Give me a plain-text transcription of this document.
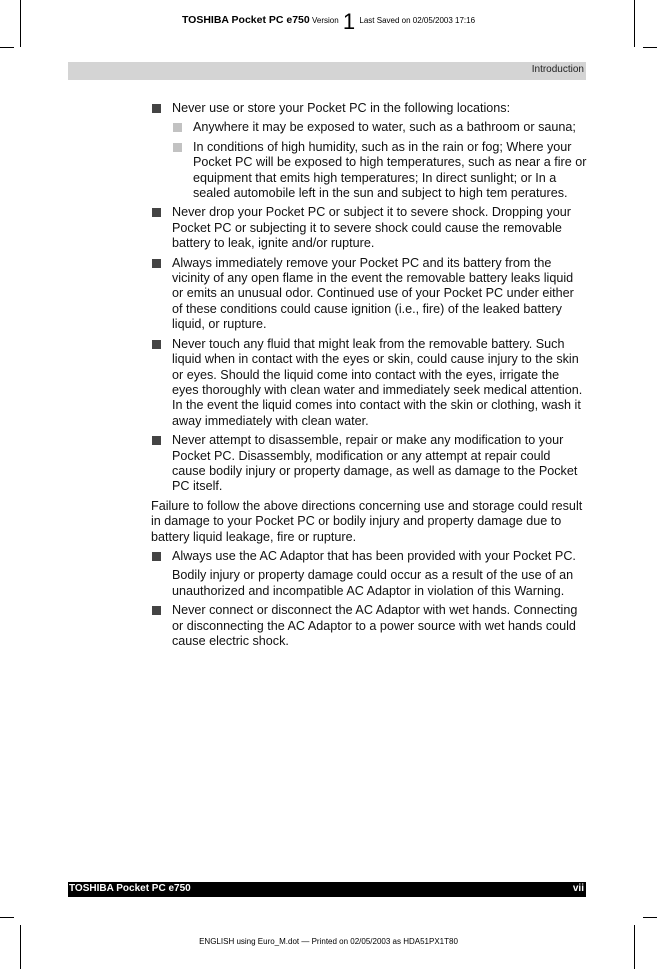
TOSHIBA Pocket PC e750 Version 1 Last Saved on 02/05/2003 17:16
Introduction
Never use or store your Pocket PC in the following locations:
Anywhere it may be exposed to water, such as a bathroom or sauna;
In conditions of high humidity, such as in the rain or fog; Where your Pocket PC will be exposed to high temperatures, such as near a fire or equipment that emits high temperatures; In direct sunlight; or In a sealed automobile left in the sun and subject to high tem peratures.
Never drop your Pocket PC or subject it to severe shock. Dropping your Pocket PC or subjecting it to severe shock could cause the removable battery to leak, ignite and/or rupture.
Always immediately remove your Pocket PC and its battery from the vicinity of any open flame in the event the removable battery leaks liquid or emits an unusual odor. Continued use of your Pocket PC under either of these conditions could cause ignition (i.e., fire) of the leaked battery liquid, or rupture.
Never touch any fluid that might leak from the removable battery. Such liquid when in contact with the eyes or skin, could cause injury to the skin or eyes. Should the liquid come into contact with the eyes, irrigate the eyes thoroughly with clean water and immediately seek medical attention. In the event the liquid comes into contact with the skin or clothing, wash it away immediately with clean water.
Never attempt to disassemble, repair or make any modification to your Pocket PC. Disassembly, modification or any attempt at repair could cause bodily injury or property damage, as well as damage to the Pocket PC itself.
Failure to follow the above directions concerning use and storage could result in damage to your Pocket PC or bodily injury and property damage due to battery liquid leakage, fire or rupture.
Always use the AC Adaptor that has been provided with your Pocket PC.
Bodily injury or property damage could occur as a result of the use of an unauthorized and incompatible AC Adaptor in violation of this Warning.
Never connect or disconnect the AC Adaptor with wet hands. Connecting or disconnecting the AC Adaptor to a power source with wet hands could cause electric shock.
TOSHIBA Pocket PC e750	vii
ENGLISH using Euro_M.dot — Printed on 02/05/2003 as HDA51PX1T80
